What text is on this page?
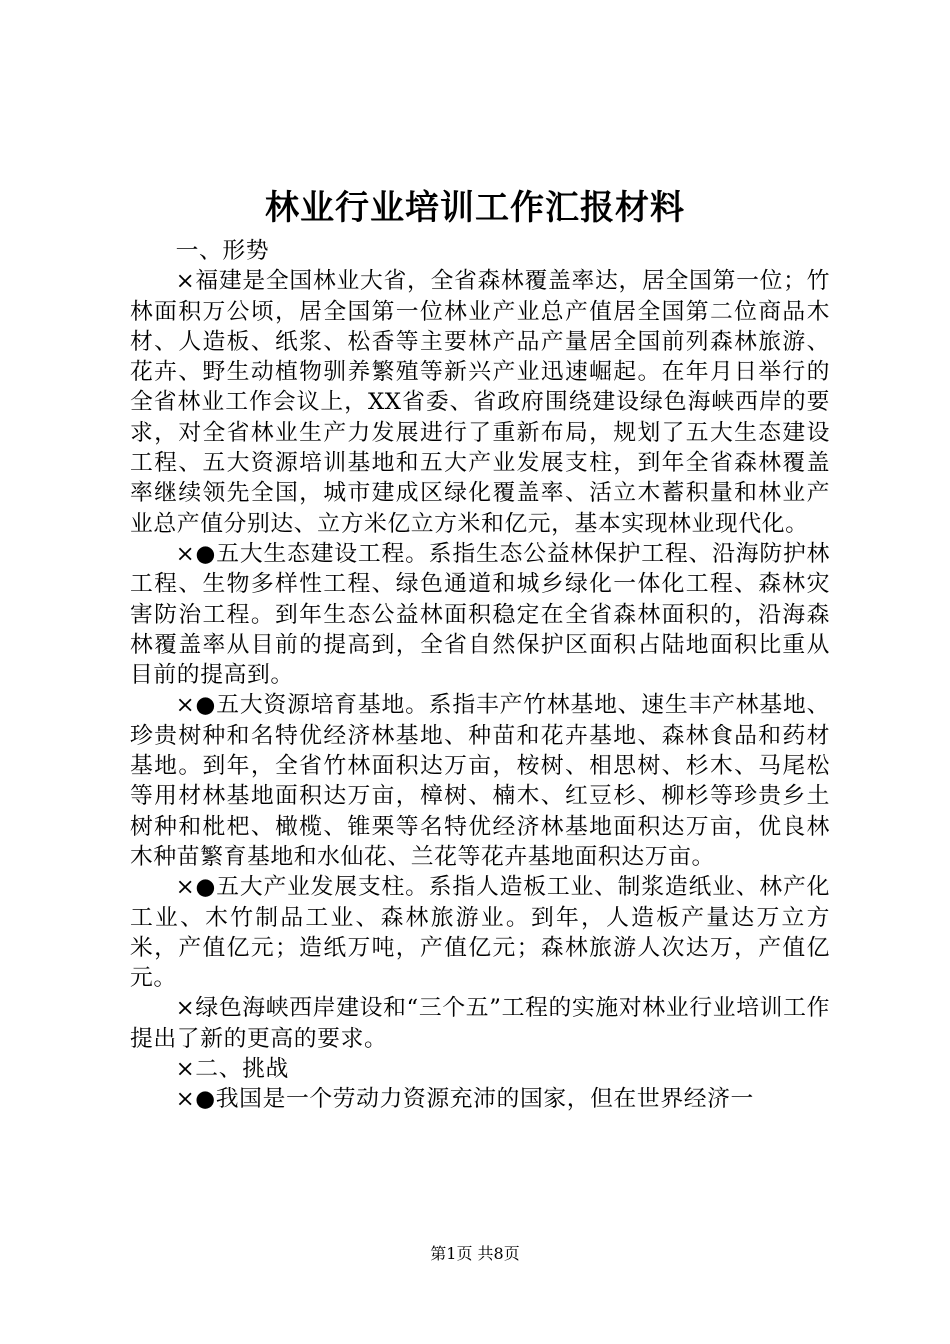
林业行业培训工作汇报材料

一、形势

×福建是全国林业大省，全省森林覆盖率达，居全国第一位；竹林面积万公顷，居全国第一位林业产业总产值居全国第二位商品木材、人造板、纸浆、松香等主要林产品产量居全国前列森林旅游、花卉、野生动植物驯养繁殖等新兴产业迅速崛起。在年月日举行的全省林业工作会议上，XX省委、省政府围绕建设绿色海峡西岸的要求，对全省林业生产力发展进行了重新布局，规划了五大生态建设工程、五大资源培训基地和五大产业发展支柱，到年全省森林覆盖率继续领先全国，城市建成区绿化覆盖率、活立木蓄积量和林业产业总产值分别达、立方米亿立方米和亿元，基本实现林业现代化。

×●五大生态建设工程。系指生态公益林保护工程、沿海防护林工程、生物多样性工程、绿色通道和城乡绿化一体化工程、森林灾害防治工程。到年生态公益林面积稳定在全省森林面积的，沿海森林覆盖率从目前的提高到，全省自然保护区面积占陆地面积比重从目前的提高到。

×●五大资源培育基地。系指丰产竹林基地、速生丰产林基地、珍贵树种和名特优经济林基地、种苗和花卉基地、森林食品和药材基地。到年，全省竹林面积达万亩，桉树、相思树、杉木、马尾松等用材林基地面积达万亩，樟树、楠木、红豆杉、柳杉等珍贵乡土树种和枇杷、橄榄、锥栗等名特优经济林基地面积达万亩，优良林木种苗繁育基地和水仙花、兰花等花卉基地面积达万亩。

×●五大产业发展支柱。系指人造板工业、制浆造纸业、林产化工业、木竹制品工业、森林旅游业。到年，人造板产量达万立方米，产值亿元；造纸万吨，产值亿元；森林旅游人次达万，产值亿元。

×绿色海峡西岸建设和“三个五”工程的实施对林业行业培训工作提出了新的更高的要求。

×二、挑战

×●我国是一个劳动力资源充沛的国家，但在世界经济一

第1页 共8页
